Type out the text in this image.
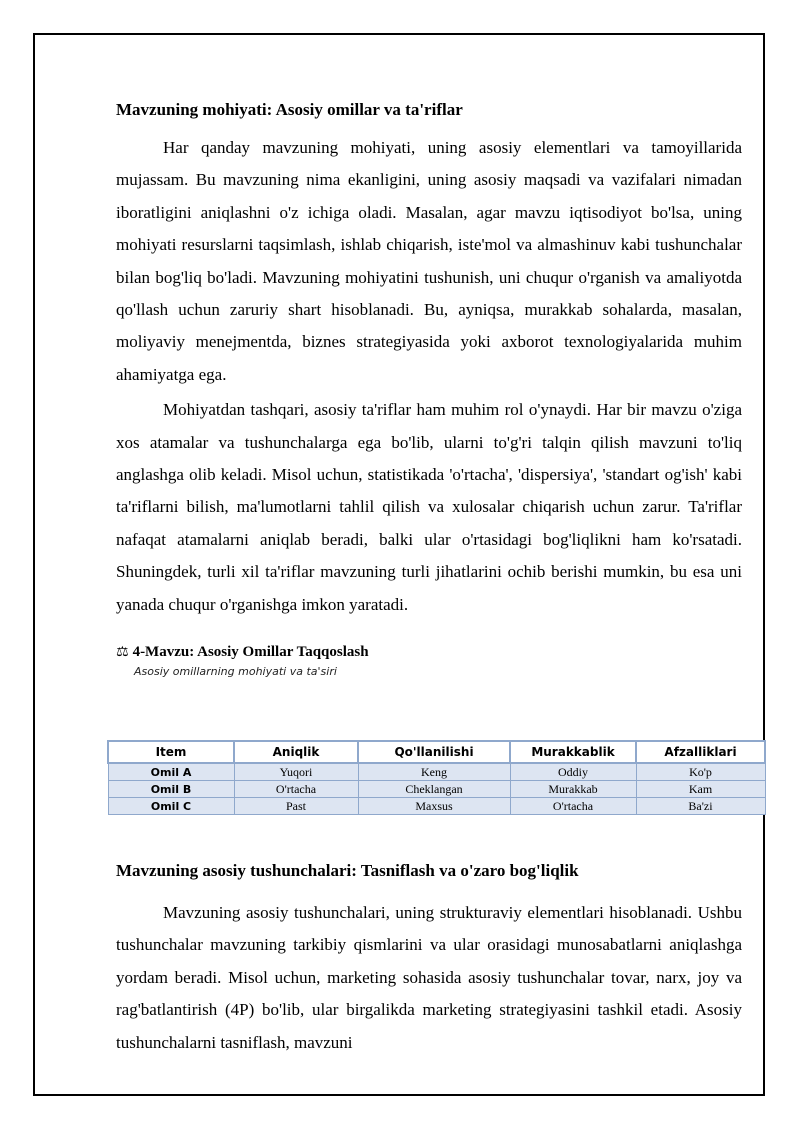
Mavzuning mohiyati: Asosiy omillar va ta'riflar

Har qanday mavzuning mohiyati, uning asosiy elementlari va tamoyillarida mujassam. Bu mavzuning nima ekanligini, uning asosiy maqsadi va vazifalari nimadan iboratligini aniqlashni o'z ichiga oladi. Masalan, agar mavzu iqtisodiyot bo'lsa, uning mohiyati resurslarni taqsimlash, ishlab chiqarish, iste'mol va almashinuv kabi tushunchalar bilan bog'liq bo'ladi. Mavzuning mohiyatini tushunish, uni chuqur o'rganish va amaliyotda qo'llash uchun zaruriy shart hisoblanadi. Bu, ayniqsa, murakkab sohalarda, masalan, moliyaviy menejmentda, biznes strategiyasida yoki axborot texnologiyalarida muhim ahamiyatga ega.

Mohiyatdan tashqari, asosiy ta'riflar ham muhim rol o'ynaydi. Har bir mavzu o'ziga xos atamalar va tushunchalarga ega bo'lib, ularni to'g'ri talqin qilish mavzuni to'liq anglashga olib keladi. Misol uchun, statistikada 'o'rtacha', 'dispersiya', 'standart og'ish' kabi ta'riflarni bilish, ma'lumotlarni tahlil qilish va xulosalar chiqarish uchun zarur. Ta'riflar nafaqat atamalarni aniqlab beradi, balki ular o'rtasidagi bog'liqlikni ham ko'rsatadi. Shuningdek, turli xil ta'riflar mavzuning turli jihatlarini ochib berishi mumkin, bu esa uni yanada chuqur o'rganishga imkon yaratadi.

⚖ 4-Mavzu: Asosiy Omillar Taqqoslash
Asosiy omillarning mohiyati va ta'siri
Item	Aniqlik	Qo'llanilishi	Murakkablik	Afzalliklari
Omil A	Yuqori	Keng	Oddiy	Ko'p
Omil B	O'rtacha	Cheklangan	Murakkab	Kam
Omil C	Past	Maxsus	O'rtacha	Ba'zi
Mavzuning asosiy tushunchalari: Tasniflash va o'zaro bog'liqlik

Mavzuning asosiy tushunchalari, uning strukturaviy elementlari hisoblanadi. Ushbu tushunchalar mavzuning tarkibiy qismlarini va ular orasidagi munosabatlarni aniqlashga yordam beradi. Misol uchun, marketing sohasida asosiy tushunchalar tovar, narx, joy va rag'batlantirish (4P) bo'lib, ular birgalikda marketing strategiyasini tashkil etadi. Asosiy tushunchalarni tasniflash, mavzuni
